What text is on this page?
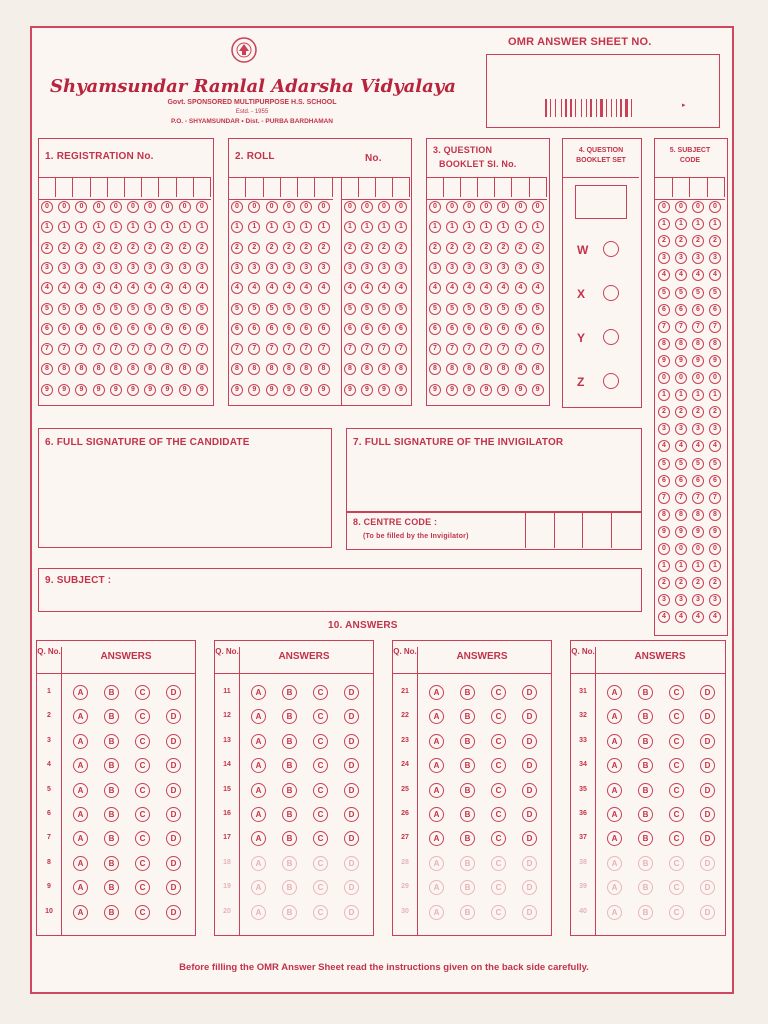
Shyamsundar Ramlal Adarsha Vidyalaya
Govt. SPONSORED MULTIPURPOSE H.S. SCHOOL
Estd. - 1955
P.O. - SHYAMSUNDAR • Dist. - PURBA BARDHAMAN
OMR ANSWER SHEET NO.
▸
1. REGISTRATION No.
0
1
2
3
4
5
6
7
8
9
0
1
2
3
4
5
6
7
8
9
0
1
2
3
4
5
6
7
8
9
0
1
2
3
4
5
6
7
8
9
0
1
2
3
4
5
6
7
8
9
0
1
2
3
4
5
6
7
8
9
0
1
2
3
4
5
6
7
8
9
0
1
2
3
4
5
6
7
8
9
0
1
2
3
4
5
6
7
8
9
0
1
2
3
4
5
6
7
8
9
2. ROLL	No.
0
1
2
3
4
5
6
7
8
9
0
1
2
3
4
5
6
7
8
9
0
1
2
3
4
5
6
7
8
9
0
1
2
3
4
5
6
7
8
9
0
1
2
3
4
5
6
7
8
9
0
1
2
3
4
5
6
7
8
9
0
1
2
3
4
5
6
7
8
9
0
1
2
3
4
5
6
7
8
9
0
1
2
3
4
5
6
7
8
9
0
1
2
3
4
5
6
7
8
9
3. QUESTION
BOOKLET Sl. No.
0
1
2
3
4
5
6
7
8
9
0
1
2
3
4
5
6
7
8
9
0
1
2
3
4
5
6
7
8
9
0
1
2
3
4
5
6
7
8
9
0
1
2
3
4
5
6
7
8
9
0
1
2
3
4
5
6
7
8
9
0
1
2
3
4
5
6
7
8
9
4. QUESTION
BOOKLET SET
W
X
Y
Z
5. SUBJECT
CODE
0
1
2
3
4
5
6
7
8
9
0
1
2
3
4
5
6
7
8
9
0
1
2
3
4
0
1
2
3
4
5
6
7
8
9
0
1
2
3
4
5
6
7
8
9
0
1
2
3
4
0
1
2
3
4
5
6
7
8
9
0
1
2
3
4
5
6
7
8
9
0
1
2
3
4
0
1
2
3
4
5
6
7
8
9
0
1
2
3
4
5
6
7
8
9
0
1
2
3
4
6. FULL SIGNATURE OF THE CANDIDATE	7. FULL SIGNATURE OF THE INVIGILATOR
8. CENTRE CODE :
(To be filled by the Invigilator)
9. SUBJECT :
10. ANSWERS
Q. No.	ANSWERS
1	A	B	C	D
2	A	B	C	D
3	A	B	C	D
4	A	B	C	D
5	A	B	C	D
6	A	B	C	D
7	A	B	C	D
8	A	B	C	D
9	A	B	C	D
10	A	B	C	D
Q. No.	ANSWERS
11	A	B	C	D
12	A	B	C	D
13	A	B	C	D
14	A	B	C	D
15	A	B	C	D
16	A	B	C	D
17	A	B	C	D
18	A	B	C	D
19	A	B	C	D
20	A	B	C	D
Q. No.	ANSWERS
21	A	B	C	D
22	A	B	C	D
23	A	B	C	D
24	A	B	C	D
25	A	B	C	D
26	A	B	C	D
27	A	B	C	D
28	A	B	C	D
29	A	B	C	D
30	A	B	C	D
Q. No.	ANSWERS
31	A	B	C	D
32	A	B	C	D
33	A	B	C	D
34	A	B	C	D
35	A	B	C	D
36	A	B	C	D
37	A	B	C	D
38	A	B	C	D
39	A	B	C	D
40	A	B	C	D
Before filling the OMR Answer Sheet read the instructions given on the back side carefully.
